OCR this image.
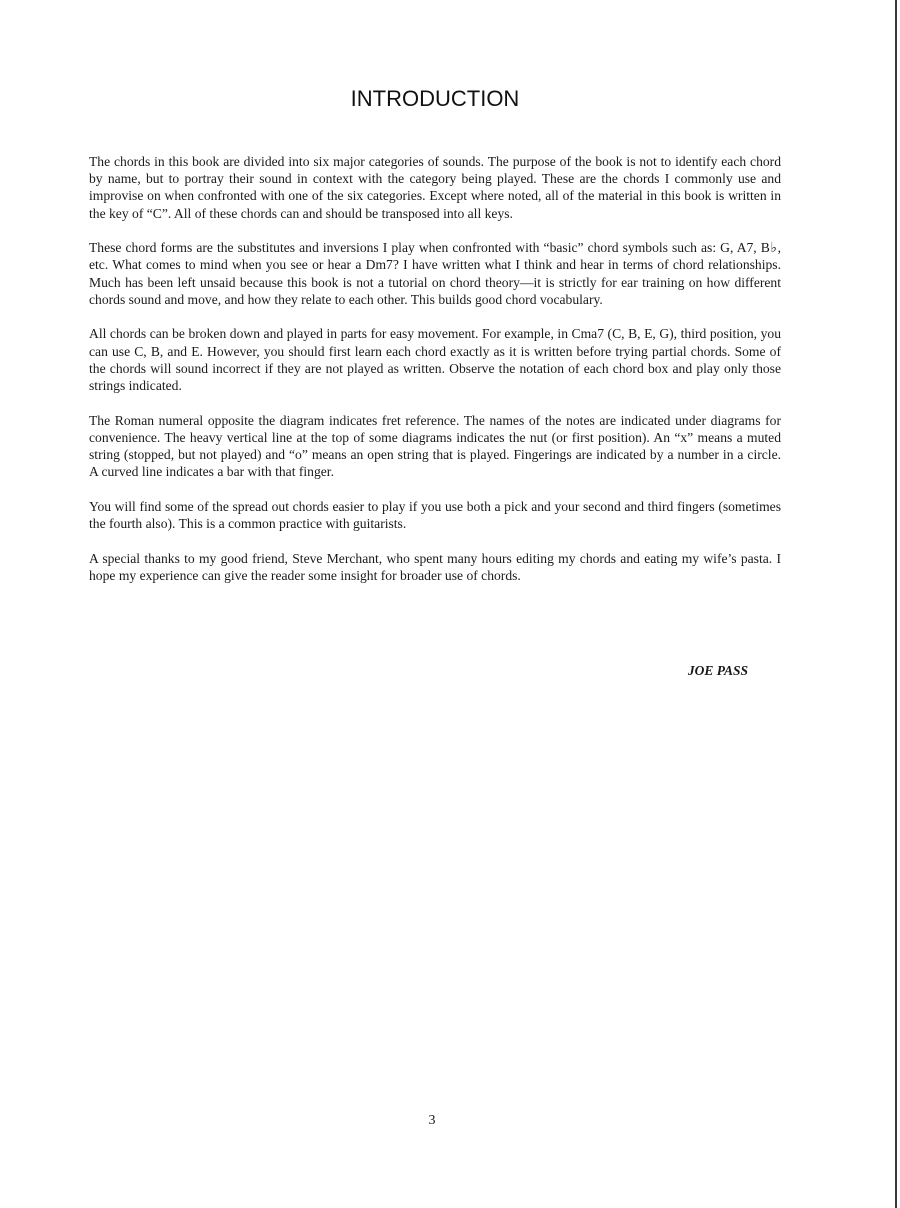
INTRODUCTION

The chords in this book are divided into six major categories of sounds. The purpose of the book is not to identify each chord by name, but to portray their sound in context with the category being played. These are the chords I commonly use and improvise on when confronted with one of the six categories. Except where noted, all of the material in this book is written in the key of “C”. All of these chords can and should be transposed into all keys.

These chord forms are the substitutes and inversions I play when confronted with “basic” chord symbols such as: G, A7, B♭, etc. What comes to mind when you see or hear a Dm7? I have written what I think and hear in terms of chord relationships. Much has been left unsaid because this book is not a tutorial on chord theory—it is strictly for ear training on how different chords sound and move, and how they relate to each other. This builds good chord vocabulary.

All chords can be broken down and played in parts for easy movement. For example, in Cma7 (C, B, E, G), third position, you can use C, B, and E. However, you should first learn each chord exactly as it is written before trying partial chords. Some of the chords will sound incorrect if they are not played as written. Observe the notation of each chord box and play only those strings indicated.

The Roman numeral opposite the diagram indicates fret reference. The names of the notes are indicated under diagrams for convenience. The heavy vertical line at the top of some diagrams indicates the nut (or first position). An “x” means a muted string (stopped, but not played) and “o” means an open string that is played. Fingerings are indicated by a number in a circle. A curved line indicates a bar with that finger.

You will find some of the spread out chords easier to play if you use both a pick and your second and third fingers (sometimes the fourth also). This is a common practice with guitarists.

A special thanks to my good friend, Steve Merchant, who spent many hours editing my chords and eating my wife’s pasta. I hope my experience can give the reader some insight for broader use of chords.

JOE PASS
3
